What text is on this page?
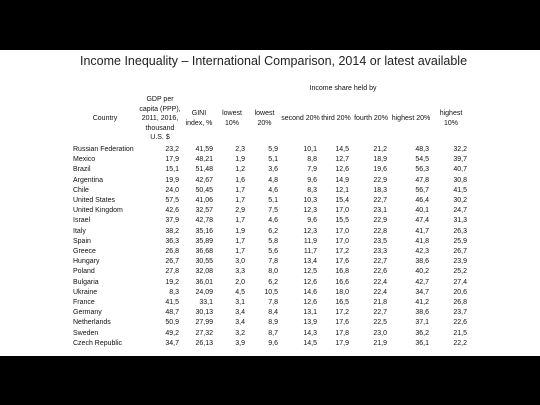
Income Inequality – International Comparison, 2014 or latest available
			Income share held by						
Country	GDP per capita (PPP), 2011, 2016, thousand U.S. $	GINI index, %	lowest 10%	lowest 20%	second 20%	third 20%	fourth 20%	highest 20%	highest 10%
Russian Federation	23,2	41,59	2,3	5,9	10,1	14,5	21,2	48,3	32,2
Mexico	17,9	48,21	1,9	5,1	8,8	12,7	18,9	54,5	39,7
Brazil	15,1	51,48	1,2	3,6	7,9	12,6	19,6	56,3	40,7
Argentina	19,9	42,67	1,6	4,8	9,6	14,9	22,9	47,8	30,8
Chile	24,0	50,45	1,7	4,6	8,3	12,1	18,3	56,7	41,5
United States	57,5	41,06	1,7	5,1	10,3	15,4	22,7	46,4	30,2
United Kingdom	42,6	32,57	2,9	7,5	12,3	17,0	23,1	40,1	24,7
Israel	37,9	42,78	1,7	4,6	9,6	15,5	22,9	47,4	31,3
Italy	38,2	35,16	1,9	6,2	12,3	17,0	22,8	41,7	26,3
Spain	36,3	35,89	1,7	5,8	11,9	17,0	23,5	41,8	25,9
Greece	26,8	36,68	1,7	5,6	11,7	17,2	23,3	42,3	26,7
Hungary	26,7	30,55	3,0	7,8	13,4	17,6	22,7	38,6	23,9
Poland	27,8	32,08	3,3	8,0	12,5	16,8	22,6	40,2	25,2
Bulgaria	19,2	36,01	2,0	6,2	12,6	16,6	22,4	42,7	27,4
Ukraine	8,3	24,09	4,5	10,5	14,6	18,0	22,4	34,7	20,6
France	41,5	33,1	3,1	7,8	12,6	16,5	21,8	41,2	26,8
Germany	48,7	30,13	3,4	8,4	13,1	17,2	22,7	38,6	23,7
Netherlands	50,9	27,99	3,4	8,9	13,9	17,6	22,5	37,1	22,6
Sweden	49,2	27,32	3,2	8,7	14,3	17,8	23,0	36,2	21,5
Czech Republic	34,7	26,13	3,9	9,6	14,5	17,9	21,9	36,1	22,2
